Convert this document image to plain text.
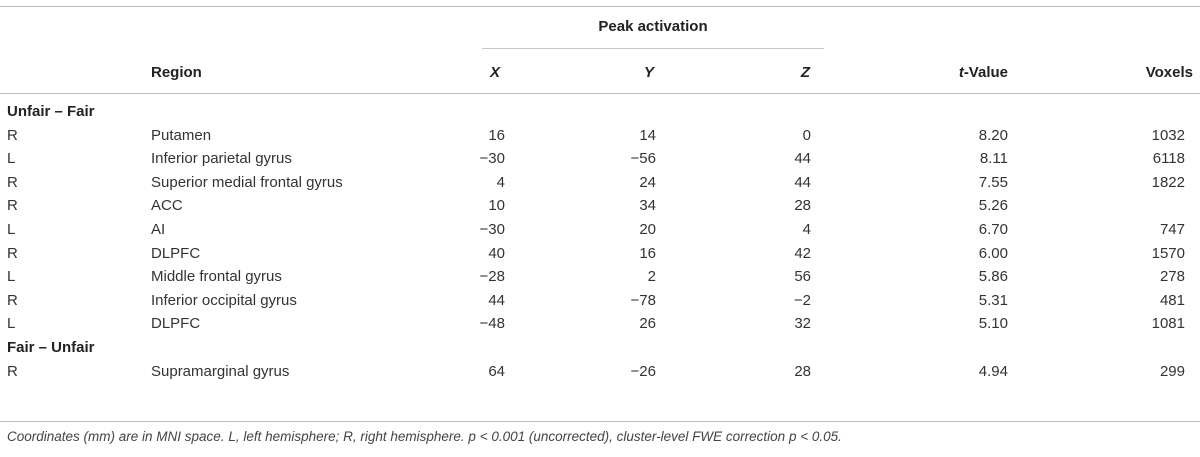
Peak activation
Region	X	Y	Z	t-Value	Voxels
Unfair – Fair
R	Putamen	16	14	0	8.20	1032
L	Inferior parietal gyrus	−30	−56	44	8.11	6118
R	Superior medial frontal gyrus	4	24	44	7.55	1822
R	ACC	10	34	28	5.26
L	AI	−30	20	4	6.70	747
R	DLPFC	40	16	42	6.00	1570
L	Middle frontal gyrus	−28	2	56	5.86	278
R	Inferior occipital gyrus	44	−78	−2	5.31	481
L	DLPFC	−48	26	32	5.10	1081
Fair – Unfair
R	Supramarginal gyrus	64	−26	28	4.94	299
Coordinates (mm) are in MNI space. L, left hemisphere; R, right hemisphere. p < 0.001 (uncorrected), cluster-level FWE correction p < 0.05.
